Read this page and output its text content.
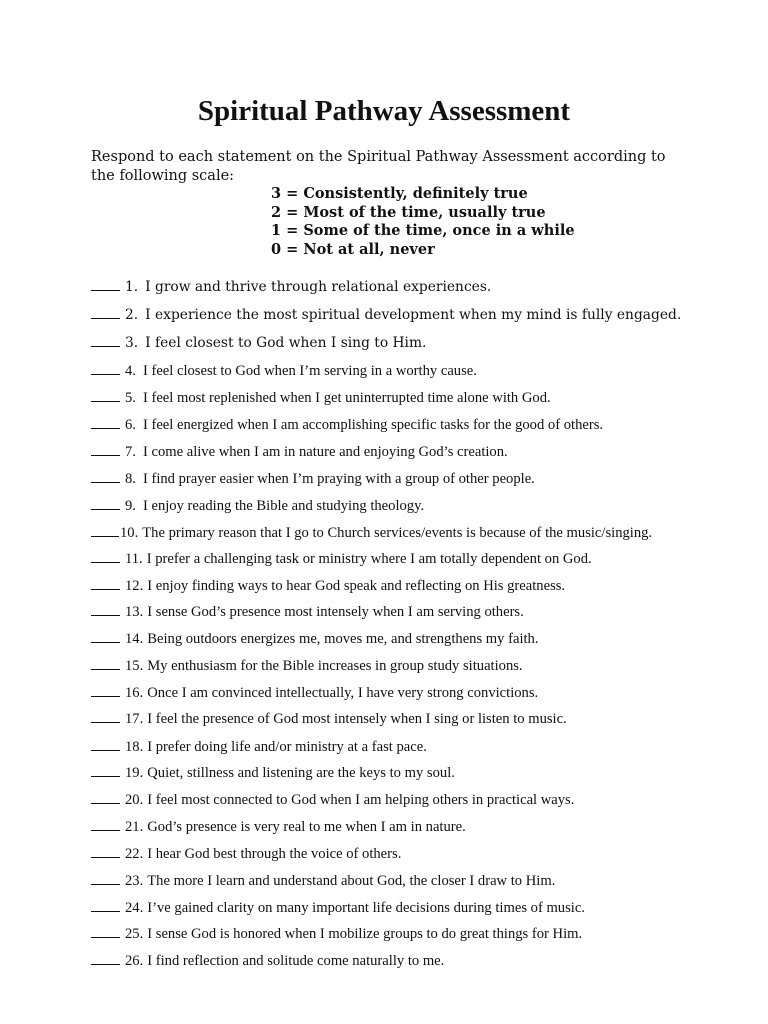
Spiritual Pathway Assessment
Respond to each statement on the Spiritual Pathway Assessment according to the following scale:
3 = Consistently, definitely true
2 = Most of the time, usually true
1 = Some of the time, once in a while
0 = Not at all, never
1. I grow and thrive through relational experiences.
2. I experience the most spiritual development when my mind is fully engaged.
3. I feel closest to God when I sing to Him.
4. I feel closest to God when I’m serving in a worthy cause.
5. I feel most replenished when I get uninterrupted time alone with God.
6. I feel energized when I am accomplishing specific tasks for the good of others.
7. I come alive when I am in nature and enjoying God’s creation.
8. I find prayer easier when I’m praying with a group of other people.
9. I enjoy reading the Bible and studying theology.
10. The primary reason that I go to Church services/events is because of the music/singing.
11. I prefer a challenging task or ministry where I am totally dependent on God.
12. I enjoy finding ways to hear God speak and reflecting on His greatness.
13. I sense God’s presence most intensely when I am serving others.
14. Being outdoors energizes me, moves me, and strengthens my faith.
15. My enthusiasm for the Bible increases in group study situations.
16. Once I am convinced intellectually, I have very strong convictions.
17. I feel the presence of God most intensely when I sing or listen to music.
18. I prefer doing life and/or ministry at a fast pace.
19. Quiet, stillness and listening are the keys to my soul.
20. I feel most connected to God when I am helping others in practical ways.
21. God’s presence is very real to me when I am in nature.
22. I hear God best through the voice of others.
23. The more I learn and understand about God, the closer I draw to Him.
24. I’ve gained clarity on many important life decisions during times of music.
25. I sense God is honored when I mobilize groups to do great things for Him.
26. I find reflection and solitude come naturally to me.
